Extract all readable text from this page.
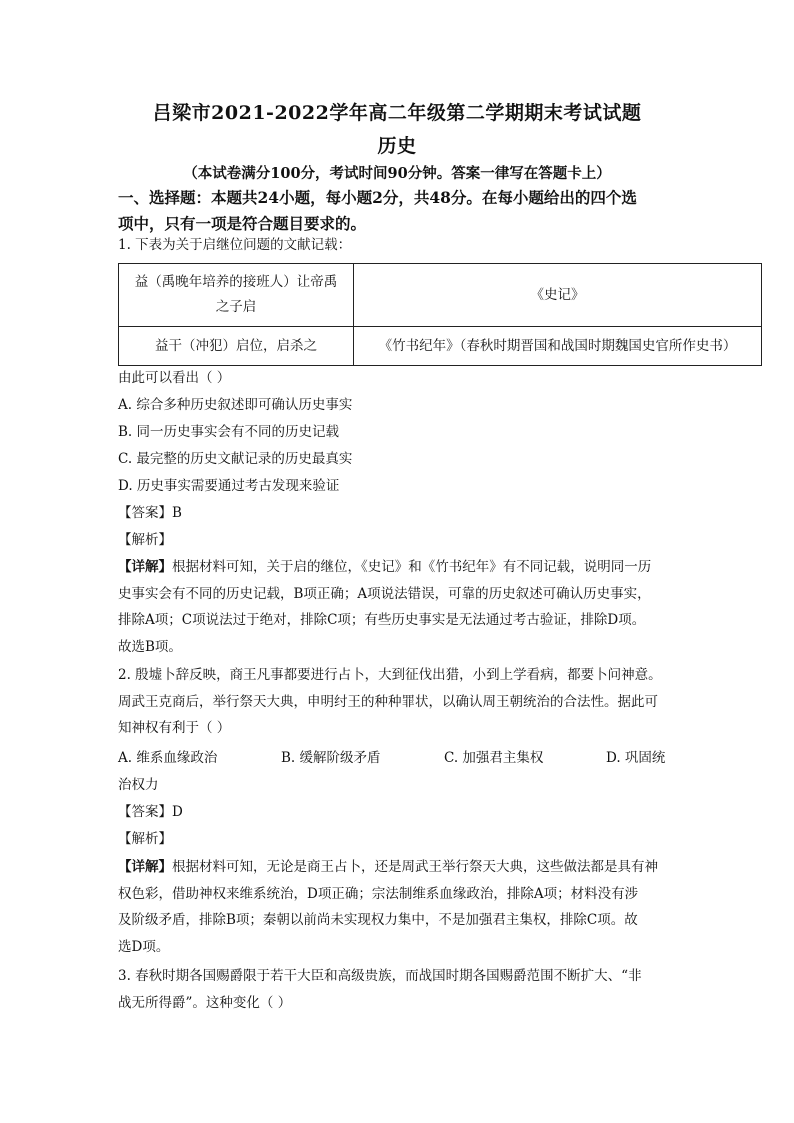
吕梁市2021-2022学年高二年级第二学期期末考试试题
历史
（本试卷满分100分，考试时间90分钟。答案一律写在答题卡上）
一、选择题：本题共24小题，每小题2分，共48分。在每小题给出的四个选
项中，只有一项是符合题目要求的。
1. 下表为关于启继位问题的文献记载：
益（禹晚年培养的接班人）让帝禹
之子启	《史记》
益干（冲犯）启位，启杀之	《竹书纪年》（春秋时期晋国和战国时期魏国史官所作史书）
由此可以看出（ ）
A. 综合多种历史叙述即可确认历史事实
B. 同一历史事实会有不同的历史记载
C. 最完整的历史文献记录的历史最真实
D. 历史事实需要通过考古发现来验证
【答案】B
【解析】
【详解】根据材料可知，关于启的继位，《史记》和《竹书纪年》有不同记载，说明同一历
史事实会有不同的历史记载，B项正确；A项说法错误，可靠的历史叙述可确认历史事实，
排除A项；C项说法过于绝对，排除C项；有些历史事实是无法通过考古验证，排除D项。
故选B项。
2. 殷墟卜辞反映，商王凡事都要进行占卜，大到征伐出猎，小到上学看病，都要卜问神意。
周武王克商后，举行祭天大典，申明纣王的种种罪状，以确认周王朝统治的合法性。据此可
知神权有利于（ ）
A. 维系血缘政治	B. 缓解阶级矛盾	C. 加强君主集权	D. 巩固统
治权力
【答案】D
【解析】
【详解】根据材料可知，无论是商王占卜，还是周武王举行祭天大典，这些做法都是具有神
权色彩，借助神权来维系统治，D项正确；宗法制维系血缘政治，排除A项；材料没有涉
及阶级矛盾，排除B项；秦朝以前尚未实现权力集中，不是加强君主集权，排除C项。故
选D项。
3. 春秋时期各国赐爵限于若干大臣和高级贵族，而战国时期各国赐爵范围不断扩大、“非
战无所得爵”。这种变化（ ）
